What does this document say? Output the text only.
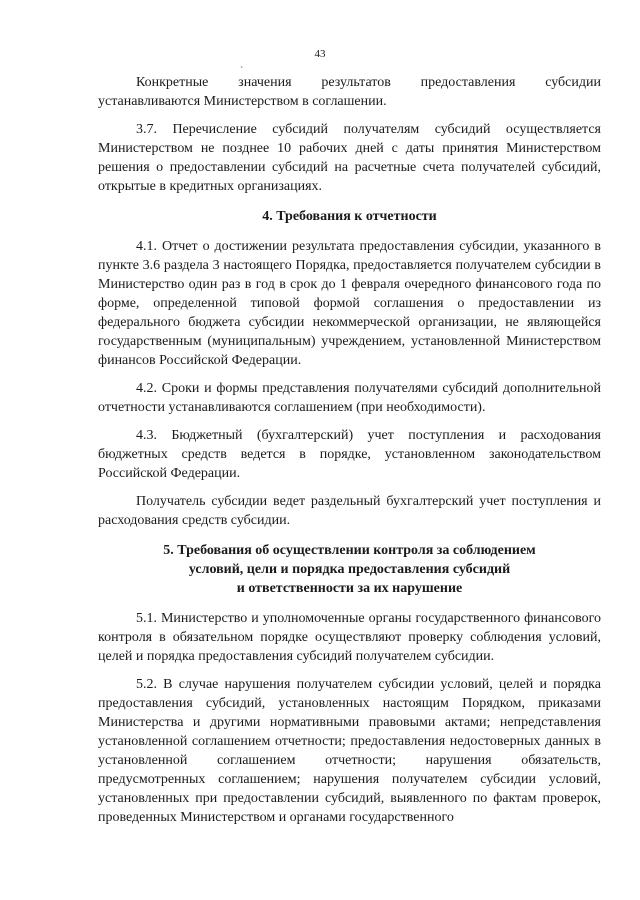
43
`

Конкретные значения результатов предоставления субсидии устанавливаются Министерством в соглашении.

3.7. Перечисление субсидий получателям субсидий осуществляется Министерством не позднее 10 рабочих дней с даты принятия Министерством решения о предоставлении субсидий на расчетные счета получателей субсидий, открытые в кредитных организациях.

4. Требования к отчетности

4.1. Отчет о достижении результата предоставления субсидии, указанного в пункте 3.6 раздела 3 настоящего Порядка, предоставляется получателем субсидии в Министерство один раз в год в срок до 1 февраля очередного финансового года по форме, определенной типовой формой соглашения о предоставлении из федерального бюджета субсидии некоммерческой организации, не являющейся государственным (муниципальным) учреждением, установленной Министерством финансов Российской Федерации.

4.2. Сроки и формы представления получателями субсидий дополнительной отчетности устанавливаются соглашением (при необходимости).

4.3. Бюджетный (бухгалтерский) учет поступления и расходования бюджетных средств ведется в порядке, установленном законодательством Российской Федерации.

Получатель субсидии ведет раздельный бухгалтерский учет поступления и расходования средств субсидии.

5. Требования об осуществлении контроля за соблюдением
условий, цели и порядка предоставления субсидий
и ответственности за их нарушение

5.1. Министерство и уполномоченные органы государственного финансового контроля в обязательном порядке осуществляют проверку соблюдения условий, целей и порядка предоставления субсидий получателем субсидии.

5.2. В случае нарушения получателем субсидии условий, целей и порядка предоставления субсидий, установленных настоящим Порядком, приказами Министерства и другими нормативными правовыми актами; непредставления установленной соглашением отчетности; предоставления недостоверных данных в установленной соглашением отчетности; нарушения обязательств, предусмотренных соглашением; нарушения получателем субсидии условий, установленных при предоставлении субсидий, выявленного по фактам проверок, проведенных Министерством и органами государственного
